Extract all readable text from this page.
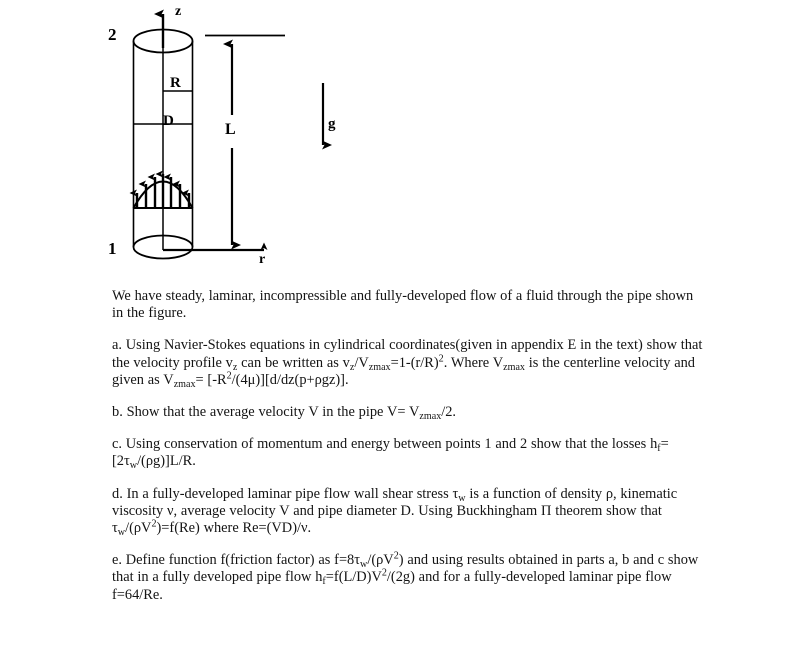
2
1
z
r
R
D	L	g

We have steady, laminar, incompressible and fully-developed flow of a fluid through the pipe shown in the figure.

a. Using Navier-Stokes equations in cylindrical coordinates(given in appendix E in the text) show that the velocity profile $v_z$ can be written as $v_z/V_{zmax}=1-(r/R)^2$. Where $V_{zmax}$ is the centerline velocity and given as $V_{zmax}= [-R^2/(4\mu)][d/dz(p+\rho gz)]$.

b. Show that the average velocity V in the pipe $V= V_{zmax}/2$.

c. Using conservation of momentum and energy between points 1 and 2 show that the losses $h_f=[2\tau_w/(\rho g)]L/R$.

d. In a fully-developed laminar pipe flow wall shear stress $\tau_w$ is a function of density ρ, kinematic viscosity ν, average velocity V and pipe diameter D. Using Buckhingham Π theorem show that $\tau_w/(\rho V^2)=f(Re)$ where Re=(VD)/ν.

e. Define function f(friction factor) as $f=8\tau_w/(\rho V^2)$ and using results obtained in parts a, b and c show that in a fully developed pipe flow $h_f=f(L/D)V^2/(2g)$ and for a fully-developed laminar pipe flow f=64/Re.
